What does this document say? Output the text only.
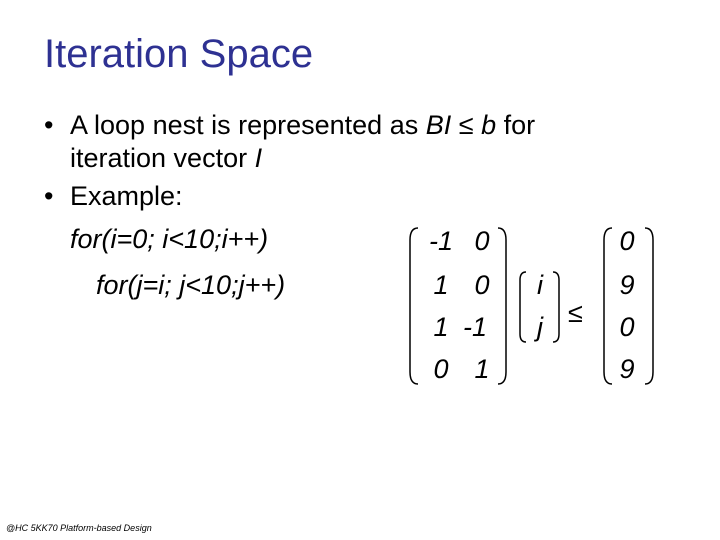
Iteration Space
• A loop nest is represented as BI ≤ b for
iteration vector I
• Example:
for(i=0; i<10;i++)
for(j=i; j<10;j++)
-1 0
1 0
1 -1
0 1
i
j ≤
0
9
0
9
@HC 5KK70 Platform-based Design
